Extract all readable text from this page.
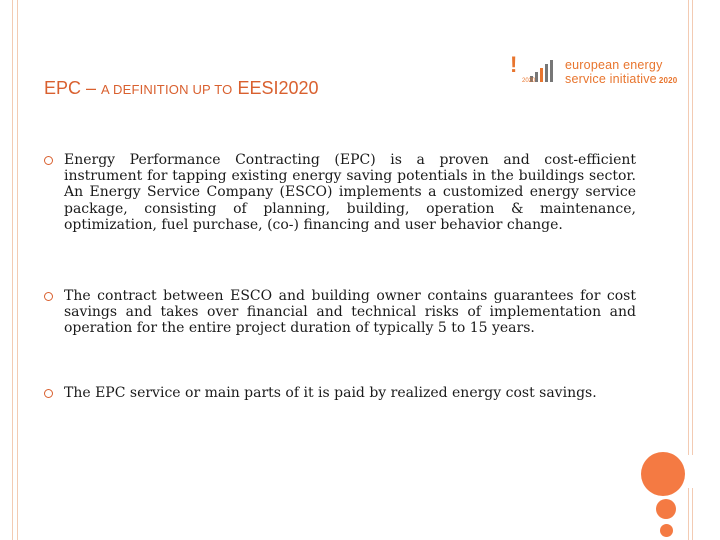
EPC – A DEFINITION UP TO EESI2020
!
2020
european energy
service initiative 2020
Energy Performance Contracting (EPC) is a proven and cost-efficient instrument for tapping existing energy saving potentials in the buildings sector. An Energy Service Company (ESCO) implements a customized energy service package, consisting of planning, building, operation & maintenance, optimization, fuel purchase, (co-) financing and user behavior change.
The contract between ESCO and building owner contains guarantees for cost savings and takes over financial and technical risks of implementation and operation for the entire project duration of typically 5 to 15 years.
The EPC service or main parts of it is paid by realized energy cost savings.
